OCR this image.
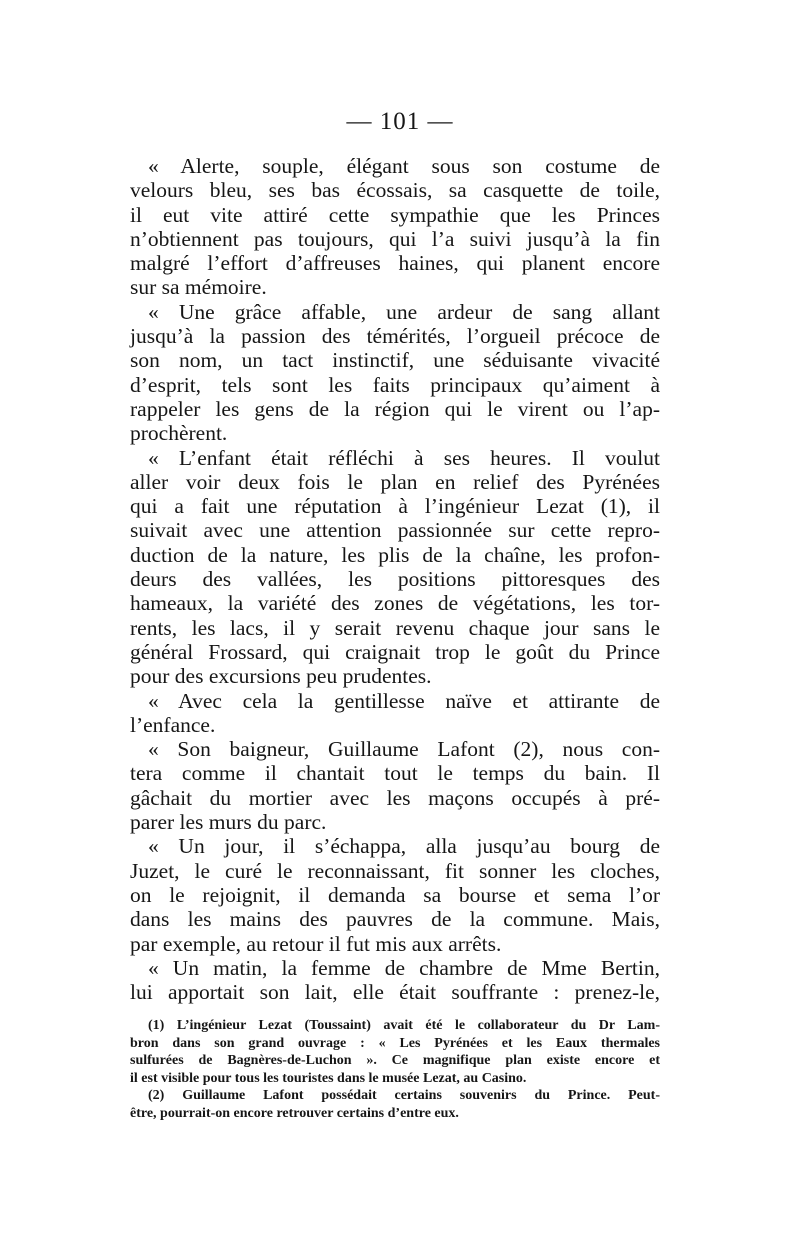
— 101 —
« Alerte, souple, élégant sous son costume de
velours bleu, ses bas écossais, sa casquette de toile,
il eut vite attiré cette sympathie que les Princes
n’obtiennent pas toujours, qui l’a suivi jusqu’à la fin
malgré l’effort d’affreuses haines, qui planent encore
sur sa mémoire.
« Une grâce affable, une ardeur de sang allant
jusqu’à la passion des témérités, l’orgueil précoce de
son nom, un tact instinctif, une séduisante vivacité
d’esprit, tels sont les faits principaux qu’aiment à
rappeler les gens de la région qui le virent ou l’ap-
prochèrent.
« L’enfant était réfléchi à ses heures. Il voulut
aller voir deux fois le plan en relief des Pyrénées
qui a fait une réputation à l’ingénieur Lezat (1), il
suivait avec une attention passionnée sur cette repro-
duction de la nature, les plis de la chaîne, les profon-
deurs des vallées, les positions pittoresques des
hameaux, la variété des zones de végétations, les tor-
rents, les lacs, il y serait revenu chaque jour sans le
général Frossard, qui craignait trop le goût du Prince
pour des excursions peu prudentes.
« Avec cela la gentillesse naïve et attirante de
l’enfance.
« Son baigneur, Guillaume Lafont (2), nous con-
tera comme il chantait tout le temps du bain. Il
gâchait du mortier avec les maçons occupés à pré-
parer les murs du parc.
« Un jour, il s’échappa, alla jusqu’au bourg de
Juzet, le curé le reconnaissant, fit sonner les cloches,
on le rejoignit, il demanda sa bourse et sema l’or
dans les mains des pauvres de la commune. Mais,
par exemple, au retour il fut mis aux arrêts.
« Un matin, la femme de chambre de Mme Bertin,
lui apportait son lait, elle était souffrante : prenez-le,
(1) L’ingénieur Lezat (Toussaint) avait été le collaborateur du Dr Lam-
bron dans son grand ouvrage : « Les Pyrénées et les Eaux thermales
sulfurées de Bagnères-de-Luchon ». Ce magnifique plan existe encore et
il est visible pour tous les touristes dans le musée Lezat, au Casino.
(2) Guillaume Lafont possédait certains souvenirs du Prince. Peut-
être, pourrait-on encore retrouver certains d’entre eux.
